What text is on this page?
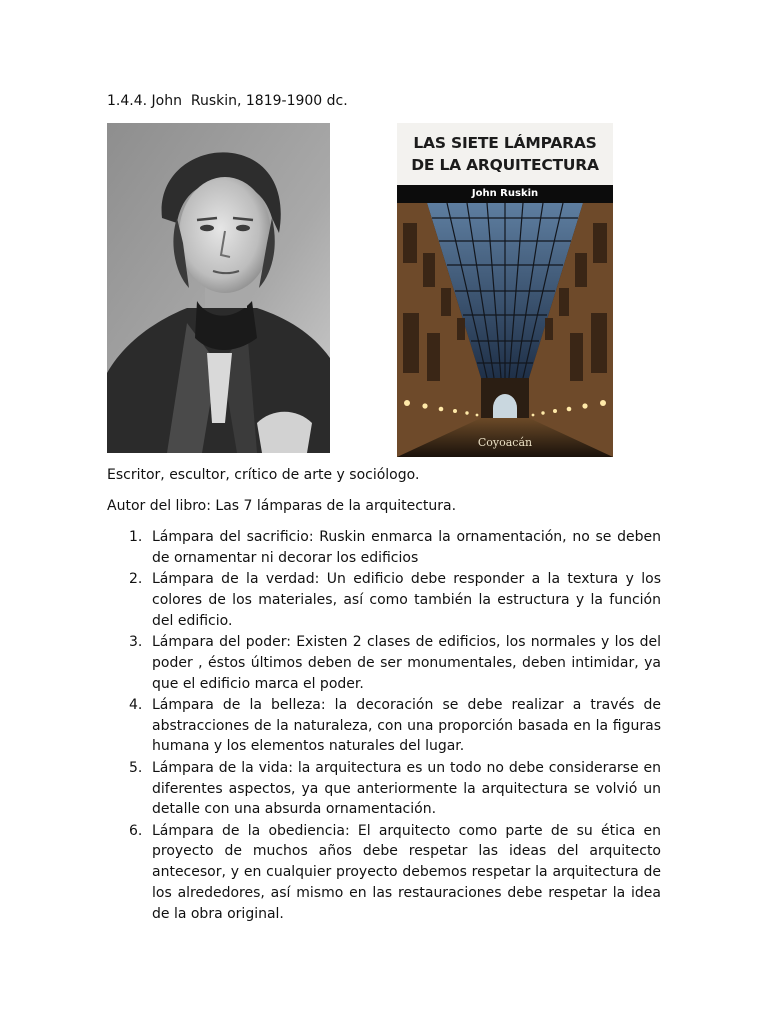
1.4.4. John  Ruskin, 1819-1900 dc.
LAS SIETE LÁMPARAS
DE LA ARQUITECTURA
John Ruskin
Coyoacán
Escritor, escultor, crítico de arte y sociólogo.
Autor del libro: Las 7 lámparas de la arquitectura.
1. Lámpara del sacrificio: Ruskin enmarca la ornamentación, no se deben de ornamentar ni decorar los edificios
2. Lámpara de la verdad: Un edificio debe responder a la textura y los colores de los materiales, así como también la estructura y la función del edificio.
3. Lámpara del poder: Existen 2 clases de edificios, los normales y los del poder , éstos últimos deben de ser monumentales, deben intimidar, ya que el edificio marca el poder.
4. Lámpara de la belleza: la decoración se debe realizar a través de abstracciones de la naturaleza, con una proporción basada en la figuras humana y los elementos naturales del lugar.
5. Lámpara de la vida: la arquitectura es un todo no debe considerarse en diferentes aspectos, ya que anteriormente la arquitectura se volvió un detalle con una absurda ornamentación.
6. Lámpara de la obediencia: El arquitecto como parte de su ética en proyecto de muchos años debe respetar las ideas del arquitecto antecesor, y en cualquier proyecto debemos respetar la arquitectura de los alrededores, así mismo en las restauraciones debe respetar la idea de la obra original.
